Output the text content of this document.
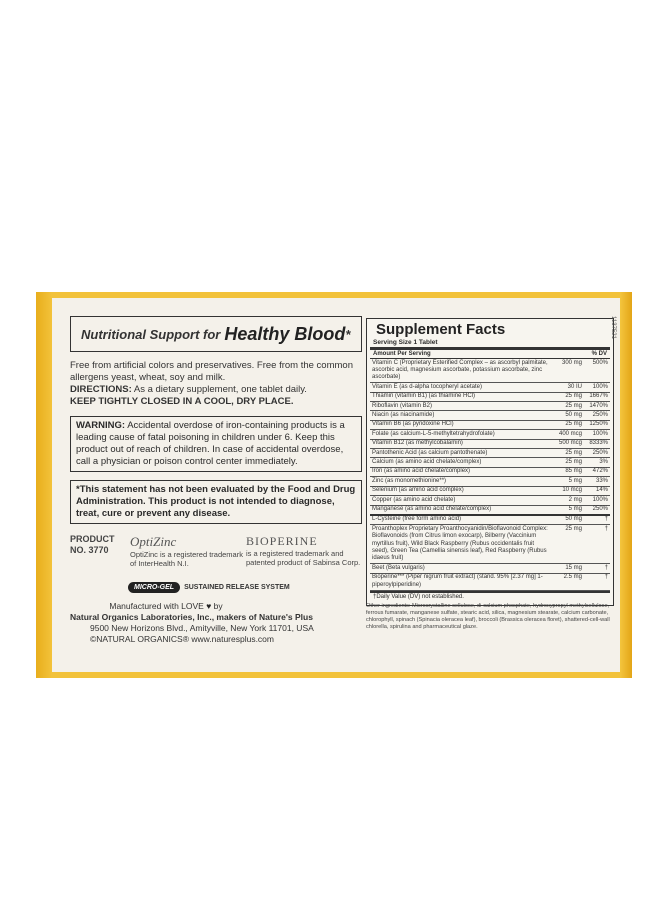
Nutritional Support for Healthy Blood *

Free from artificial colors and preservatives. Free from the common allergens yeast, wheat, soy and milk.

DIRECTIONS: As a dietary supplement, one tablet daily.

KEEP TIGHTLY CLOSED IN A COOL, DRY PLACE.

WARNING: Accidental overdose of iron-containing products is a leading cause of fatal poisoning in children under 6. Keep this product out of reach of children. In case of accidental overdose, call a physician or poison control center immediately.

*This statement has not been evaluated by the Food and Drug Administration. This product is not intended to diagnose, treat, cure or prevent any disease.
PRODUCT
NO. 3770
OptiZinc
OptiZinc is a registered trademark of InterHealth N.I.
BIOPERINE
is a registered trademark and patented product of Sabinsa Corp.
MICRO-GEL	SUSTAINED RELEASE SYSTEM
Manufactured with LOVE ♥ by
Natural Organics Laboratories, Inc., makers of Nature's Plus
9500 New Horizons Blvd., Amityville, New York 11701, USA
©NATURAL ORGANICS® www.naturesplus.com
Supplement Facts
Serving Size 1 Tablet
Amount Per Serving	% DV
Vitamin C (Proprietary Esterified Complex – as ascorbyl palmitate, ascorbic acid, magnesium ascorbate, potassium ascorbate, zinc ascorbate)	300 mg	500%
Vitamin E (as d-alpha tocopheryl acetate)	30 IU	100%
Thiamin (vitamin B1) (as thiamine HCl)	25 mg	1667%
Riboflavin (vitamin B2)	25 mg	1470%
Niacin (as niacinamide)	50 mg	250%
Vitamin B6 (as pyridoxine HCl)	25 mg	1250%
Folate (as calcium-L-5-methyltetrahydrofolate)	400 mcg	100%
Vitamin B12 (as methylcobalamin)	500 mcg	8333%
Pantothenic Acid (as calcium pantothenate)	25 mg	250%
Calcium (as amino acid chelate/complex)	25 mg	3%
Iron (as amino acid chelate/complex)	85 mg	472%
Zinc (as monomethionine**)	5 mg	33%
Selenium (as amino acid complex)	10 mcg	14%
Copper (as amino acid chelate)	2 mg	100%
Manganese (as amino acid chelate/complex)	5 mg	250%
L-Cysteine (free form amino acid)	50 mg	†
Proanthoplex Proprietary Proanthocyanidin/Bioflavonoid Complex: Bioflavonoids (from Citrus limon exocarp), Bilberry (Vaccinium myrtillus fruit), Wild Black Raspberry (Rubus occidentalis fruit seed), Green Tea (Camellia sinensis leaf), Red Raspberry (Rubus idaeus fruit)	25 mg	†
Beet (Beta vulgaris)	15 mg	†
Bioperine*** (Piper nigrum fruit extract) (stand. 95% [2.37 mg] 1-piperoylpiperidine)	2.5 mg	†
†Daily Value (DV) not established.
Other ingredients: Microcrystalline cellulose, di-calcium phosphate, hydroxypropyl methylcellulose, ferrous fumarate, manganese sulfate, stearic acid, silica, magnesium stearate, calcium carbonate, chlorophyll, spinach (Spinacia oleracea leaf), broccoli (Brassica oleracea floret), shattered-cell-wall chlorella, spirulina and pharmaceutical glaze.
1137521
